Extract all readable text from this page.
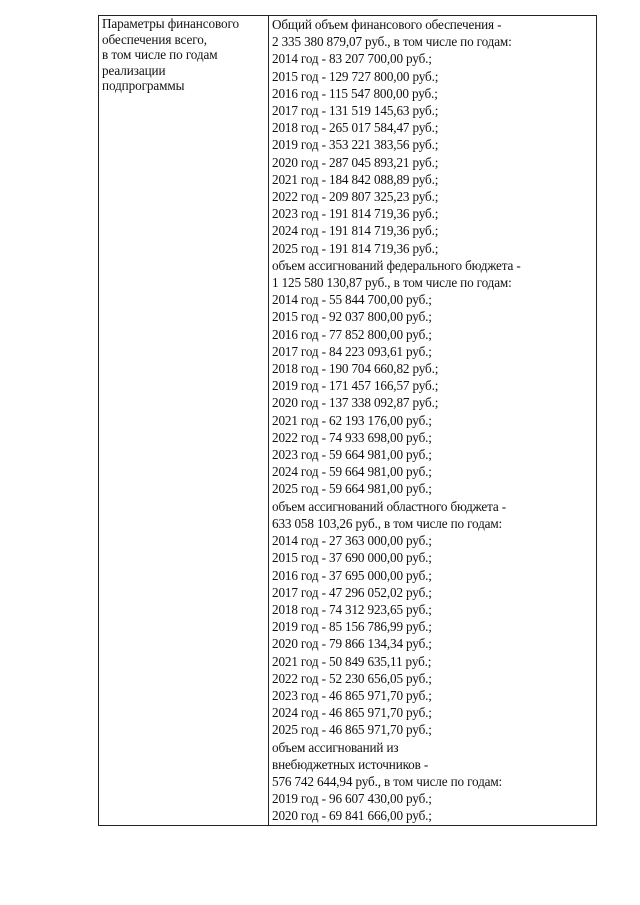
Параметры финансового
обеспечения всего,
в том числе по годам
реализации
подпрограммы

Общий объем финансового обеспечения -
2 335 380 879,07 руб., в том числе по годам:
2014 год - 83 207 700,00 руб.;
2015 год - 129 727 800,00 руб.;
2016 год - 115 547 800,00 руб.;
2017 год - 131 519 145,63 руб.;
2018 год - 265 017 584,47 руб.;
2019 год - 353 221 383,56 руб.;
2020 год - 287 045 893,21 руб.;
2021 год - 184 842 088,89 руб.;
2022 год - 209 807 325,23 руб.;
2023 год - 191 814 719,36 руб.;
2024 год - 191 814 719,36 руб.;
2025 год - 191 814 719,36 руб.;
объем ассигнований федерального бюджета -
1 125 580 130,87 руб., в том числе по годам:
2014 год - 55 844 700,00 руб.;
2015 год - 92 037 800,00 руб.;
2016 год - 77 852 800,00 руб.;
2017 год - 84 223 093,61 руб.;
2018 год - 190 704 660,82 руб.;
2019 год - 171 457 166,57 руб.;
2020 год - 137 338 092,87 руб.;
2021 год - 62 193 176,00 руб.;
2022 год - 74 933 698,00 руб.;
2023 год - 59 664 981,00 руб.;
2024 год - 59 664 981,00 руб.;
2025 год - 59 664 981,00 руб.;
объем ассигнований областного бюджета -
633 058 103,26 руб., в том числе по годам:
2014 год - 27 363 000,00 руб.;
2015 год - 37 690 000,00 руб.;
2016 год - 37 695 000,00 руб.;
2017 год - 47 296 052,02 руб.;
2018 год - 74 312 923,65 руб.;
2019 год - 85 156 786,99 руб.;
2020 год - 79 866 134,34 руб.;
2021 год - 50 849 635,11 руб.;
2022 год - 52 230 656,05 руб.;
2023 год - 46 865 971,70 руб.;
2024 год - 46 865 971,70 руб.;
2025 год - 46 865 971,70 руб.;
объем ассигнований из
внебюджетных источников -
576 742 644,94 руб., в том числе по годам:
2019 год - 96 607 430,00 руб.;
2020 год - 69 841 666,00 руб.;
